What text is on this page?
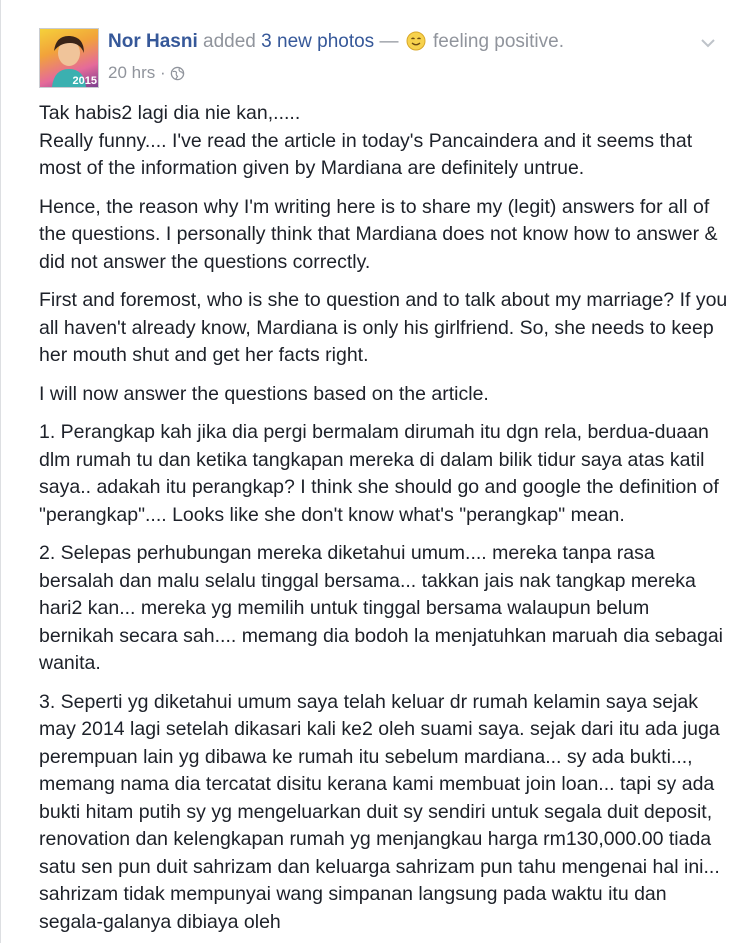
2015
Nor Hasni added 3 new photos — feeling positive.
20 hrs ·

Tak habis2 lagi dia nie kan,.....
Really funny.... I've read the article in today's Pancaindera and it seems that most of the information given by Mardiana are definitely untrue.

Hence, the reason why I'm writing here is to share my (legit) answers for all of the questions. I personally think that Mardiana does not know how to answer & did not answer the questions correctly.

First and foremost, who is she to question and to talk about my marriage? If you all haven't already know, Mardiana is only his girlfriend. So, she needs to keep her mouth shut and get her facts right.

I will now answer the questions based on the article.

1. Perangkap kah jika dia pergi bermalam dirumah itu dgn rela, berdua-duaan dlm rumah tu dan ketika tangkapan mereka di dalam bilik tidur saya atas katil saya.. adakah itu perangkap? I think she should go and google the definition of "perangkap".... Looks like she don't know what's "perangkap" mean.

2. Selepas perhubungan mereka diketahui umum.... mereka tanpa rasa bersalah dan malu selalu tinggal bersama... takkan jais nak tangkap mereka hari2 kan... mereka yg memilih untuk tinggal bersama walaupun belum bernikah secara sah.... memang dia bodoh la menjatuhkan maruah dia sebagai wanita.

3. Seperti yg diketahui umum saya telah keluar dr rumah kelamin saya sejak may 2014 lagi setelah dikasari kali ke2 oleh suami saya. sejak dari itu ada juga perempuan lain yg dibawa ke rumah itu sebelum mardiana... sy ada bukti..., memang nama dia tercatat disitu kerana kami membuat join loan... tapi sy ada bukti hitam putih sy yg mengeluarkan duit sy sendiri untuk segala duit deposit, renovation dan kelengkapan rumah yg menjangkau harga rm130,000.00 tiada satu sen pun duit sahrizam dan keluarga sahrizam pun tahu mengenai hal ini... sahrizam tidak mempunyai wang simpanan langsung pada waktu itu dan segala-galanya dibiaya oleh
